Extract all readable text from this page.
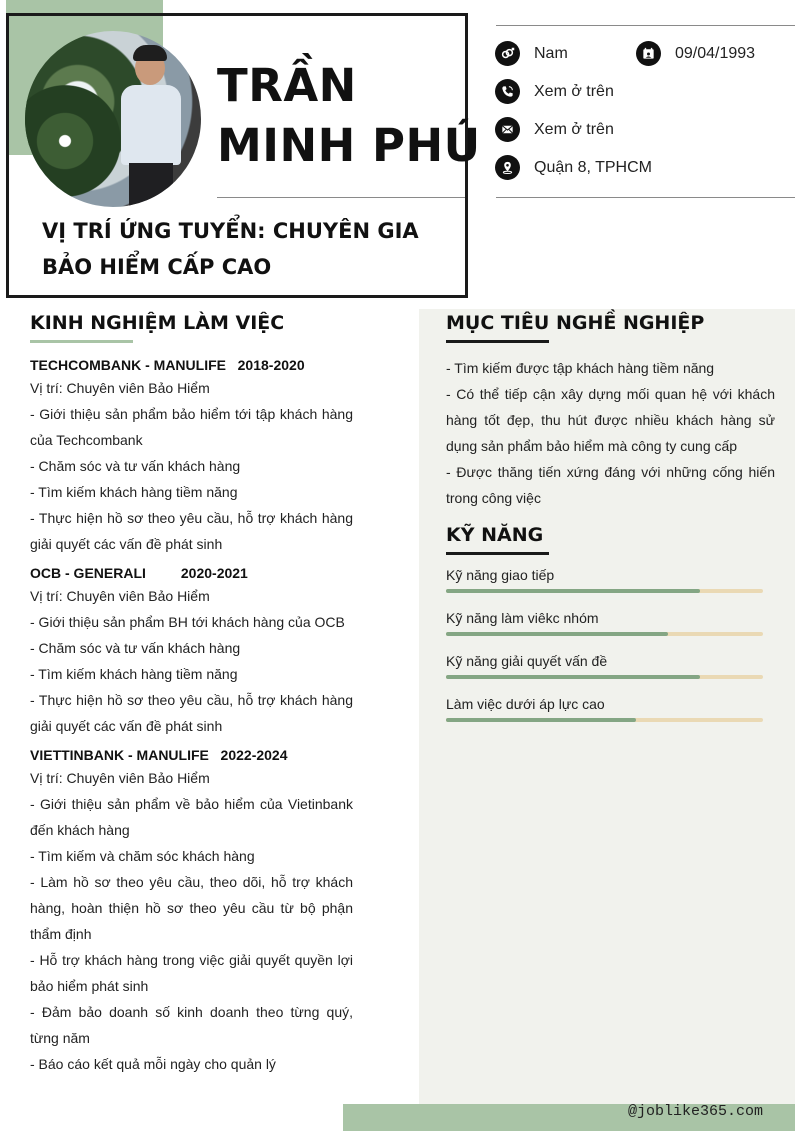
TRẦN
MINH PHÚ
VỊ TRÍ ỨNG TUYỂN: CHUYÊN GIA BẢO HIỂM CẤP CAO
Nam	09/04/1993
Xem ở trên
Xem ở trên
Quận 8, TPHCM
KINH NGHIỆM LÀM VIỆC
TECHCOMBANK - MANULIFE   2018-2020
Vị trí: Chuyên viên Bảo Hiểm
- Giới thiệu sản phẩm bảo hiểm tới tập khách hàng của Techcombank
- Chăm sóc và tư vấn khách hàng
- Tìm kiếm khách hàng tiềm năng
- Thực hiện hồ sơ theo yêu cầu, hỗ trợ khách hàng giải quyết các vấn đề phát sinh
OCB - GENERALI         2020-2021
Vị trí: Chuyên viên Bảo Hiểm
- Giới thiệu sản phẩm BH tới khách hàng của OCB
- Chăm sóc và tư vấn khách hàng
- Tìm kiếm khách hàng tiềm năng
- Thực hiện hồ sơ theo yêu cầu, hỗ trợ khách hàng giải quyết các vấn đề phát sinh
VIETTINBANK - MANULIFE   2022-2024
Vị trí: Chuyên viên Bảo Hiểm
- Giới thiệu sản phẩm về bảo hiểm của Vietinbank đến khách hàng
- Tìm kiếm và chăm sóc khách hàng
- Làm hồ sơ theo yêu cầu, theo dõi, hỗ trợ khách hàng, hoàn thiện hồ sơ theo yêu cầu từ bộ phận thẩm định
- Hỗ trợ khách hàng trong việc giải quyết quyền lợi bảo hiểm phát sinh
- Đảm bảo doanh số kinh doanh theo từng quý, từng năm
- Báo cáo kết quả mỗi ngày cho quản lý
MỤC TIÊU NGHỀ NGHIỆP
- Tìm kiếm được tập khách hàng tiềm năng
- Có thể tiếp cận xây dựng mối quan hệ với khách hàng tốt đẹp, thu hút được nhiều khách hàng sử dụng sản phẩm bảo hiểm mà công ty cung cấp
- Được thăng tiến xứng đáng với những cống hiến trong công việc
KỸ NĂNG
Kỹ năng giao tiếp
Kỹ năng làm viêkc nhóm
Kỹ năng giải quyết vấn đề
Làm việc dưới áp lực cao
@joblike365.com
